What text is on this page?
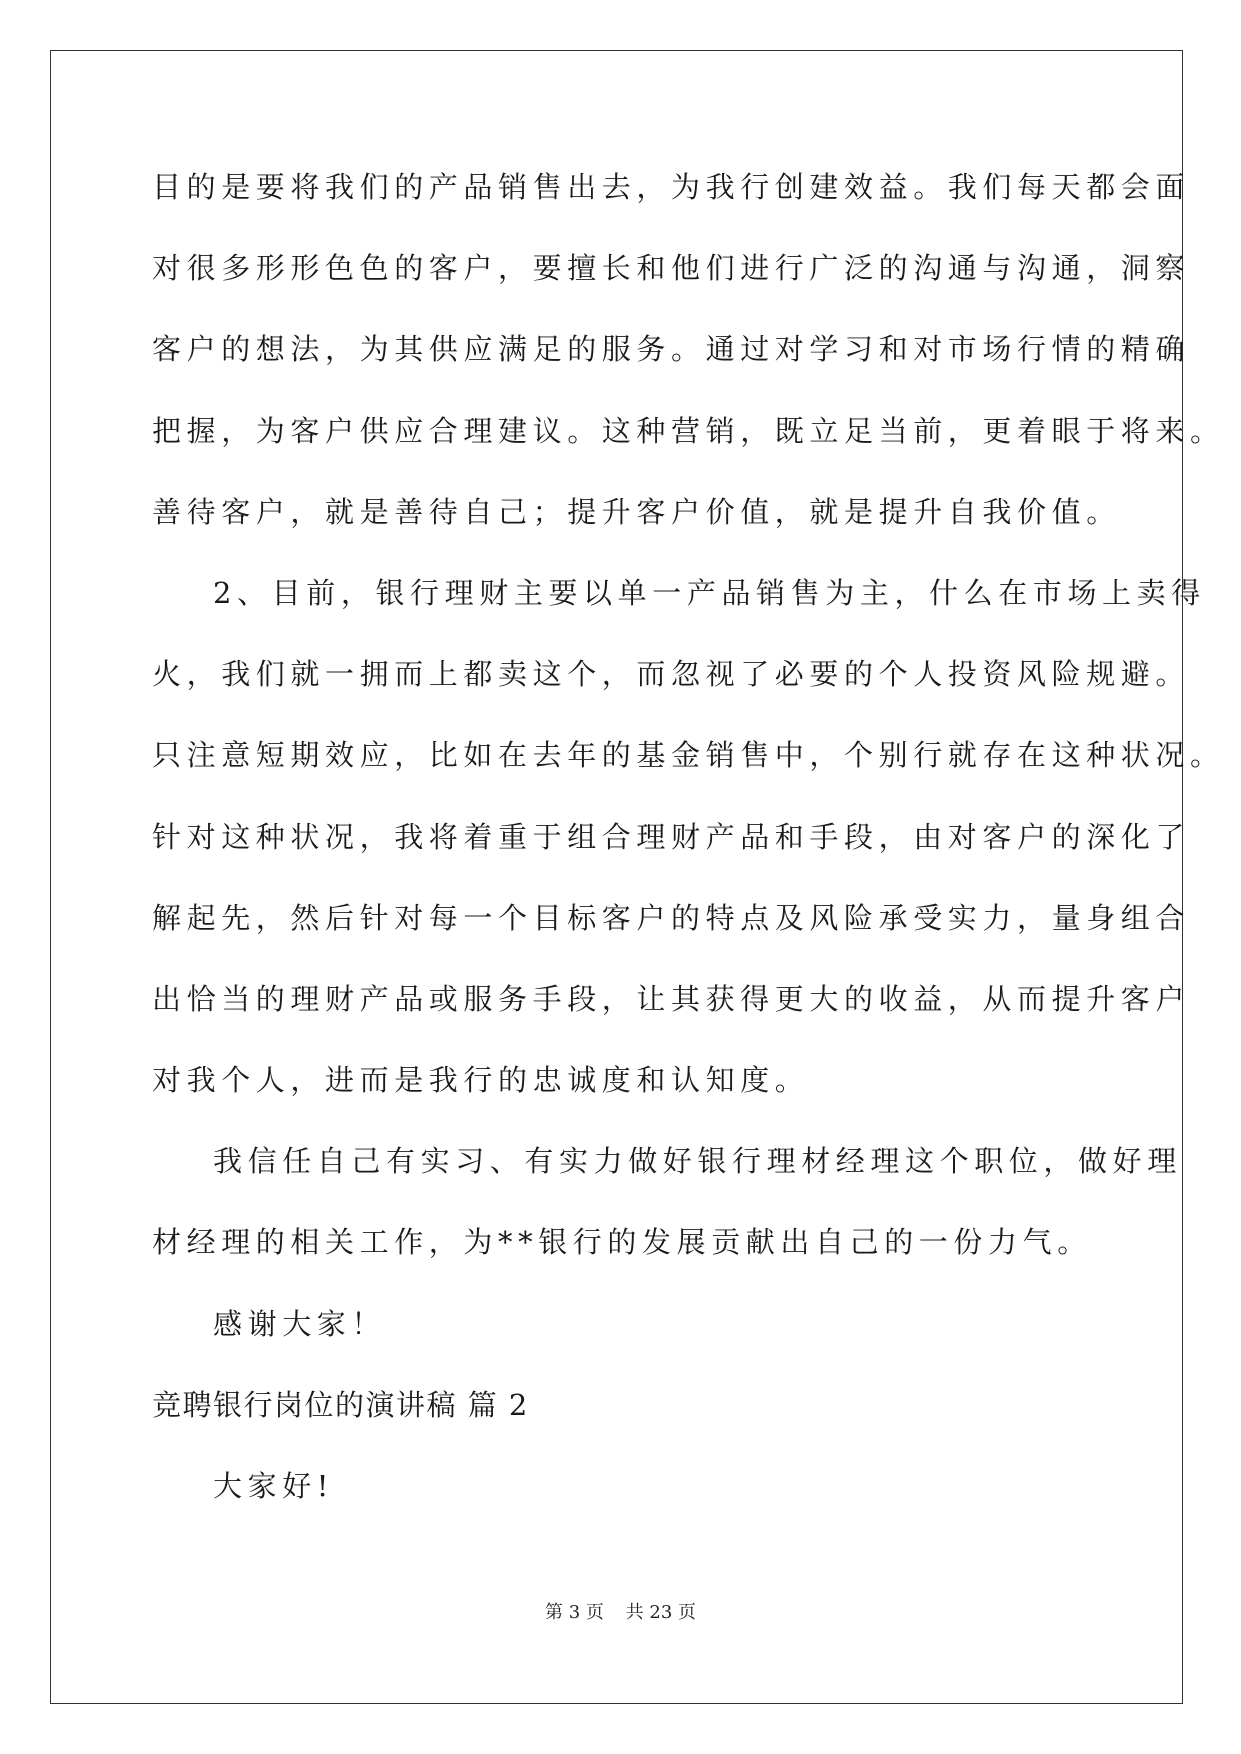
目的是要将我们的产品销售出去，为我行创建效益。我们每天都会面
对很多形形色色的客户，要擅长和他们进行广泛的沟通与沟通，洞察
客户的想法，为其供应满足的服务。通过对学习和对市场行情的精确
把握，为客户供应合理建议。这种营销，既立足当前，更着眼于将来。
善待客户，就是善待自己；提升客户价值，就是提升自我价值。
2、目前，银行理财主要以单一产品销售为主，什么在市场上卖得
火，我们就一拥而上都卖这个，而忽视了必要的个人投资风险规避。
只注意短期效应，比如在去年的基金销售中，个别行就存在这种状况。
针对这种状况，我将着重于组合理财产品和手段，由对客户的深化了
解起先，然后针对每一个目标客户的特点及风险承受实力，量身组合
出恰当的理财产品或服务手段，让其获得更大的收益，从而提升客户
对我个人，进而是我行的忠诚度和认知度。
我信任自己有实习、有实力做好银行理材经理这个职位，做好理
材经理的相关工作，为**银行的发展贡献出自己的一份力气。
感谢大家！
竞聘银行岗位的演讲稿 篇 2
大家好!
第 3 页 共 23 页
